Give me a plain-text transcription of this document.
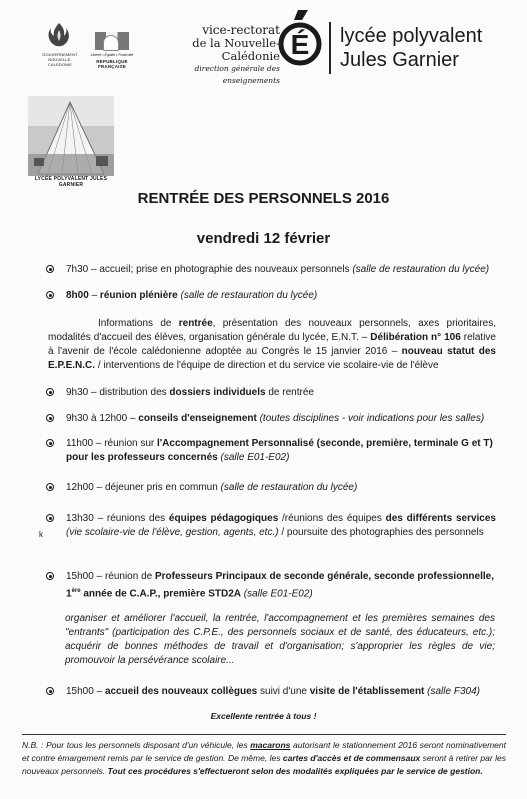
GOUVERNEMENT
NOUVELLE-CALEDONIE
Liberté • Égalité • Fraternité
RÉPUBLIQUE FRANÇAISE
vice-rectorat
de la Nouvelle-Calédonie
direction générale des enseignements
É lycée polyvalent
Jules Garnier
LYCÉE POLYVALENT JULES GARNIER
RENTRÉE DES PERSONNELS 2016
vendredi 12 février
7h30 – accueil; prise en photographie des nouveaux personnels (salle de restauration du lycée)
8h00 – réunion plénière (salle de restauration du lycée)
Informations de rentrée, présentation des nouveaux personnels, axes prioritaires, modalités d'accueil des élèves, organisation générale du lycée, E.N.T. – Délibération n° 106 relative à l'avenir de l'école calédonienne adoptée au Congrès le 15 janvier 2016 – nouveau statut des E.P.E.N.C. / interventions de l'équipe de direction et du service vie scolaire-vie de l'élève
9h30 – distribution des dossiers individuels de rentrée
9h30 à 12h00 – conseils d'enseignement (toutes disciplines - voir indications pour les salles)
11h00 – réunion sur l'Accompagnement Personnalisé (seconde, première, terminale G et T) pour les professeurs concernés (salle E01-E02)
12h00 – déjeuner pris en commun (salle de restauration du lycée)
k
13h30 – réunions des équipes pédagogiques /réunions des équipes des différents services (vie scolaire-vie de l'élève, gestion, agents, etc.) / poursuite des photographies des personnels
15h00 – réunion de Professeurs Principaux de seconde générale, seconde professionnelle, 1ère année de C.A.P., première STD2A (salle E01-E02)
organiser et améliorer l'accueil, la rentrée, l'accompagnement et les premières semaines des "entrants" (participation des C.P.E., des personnels sociaux et de santé, des éducateurs, etc.); acquérir de bonnes méthodes de travail et d'organisation; s'approprier les règles de vie; promouvoir la persévérance scolaire...
15h00 – accueil des nouveaux collègues suivi d'une visite de l'établissement (salle F304)
Excellente rentrée à tous !
N.B. : Pour tous les personnels disposant d'un véhicule, les macarons autorisant le stationnement 2016 seront nominativement et contre émargement remis par le service de gestion. De même, les cartes d'accès et de commensaux seront à retirer par les nouveaux personnels. Tout ces procédures s'effectueront selon des modalités expliquées par le service de gestion.
